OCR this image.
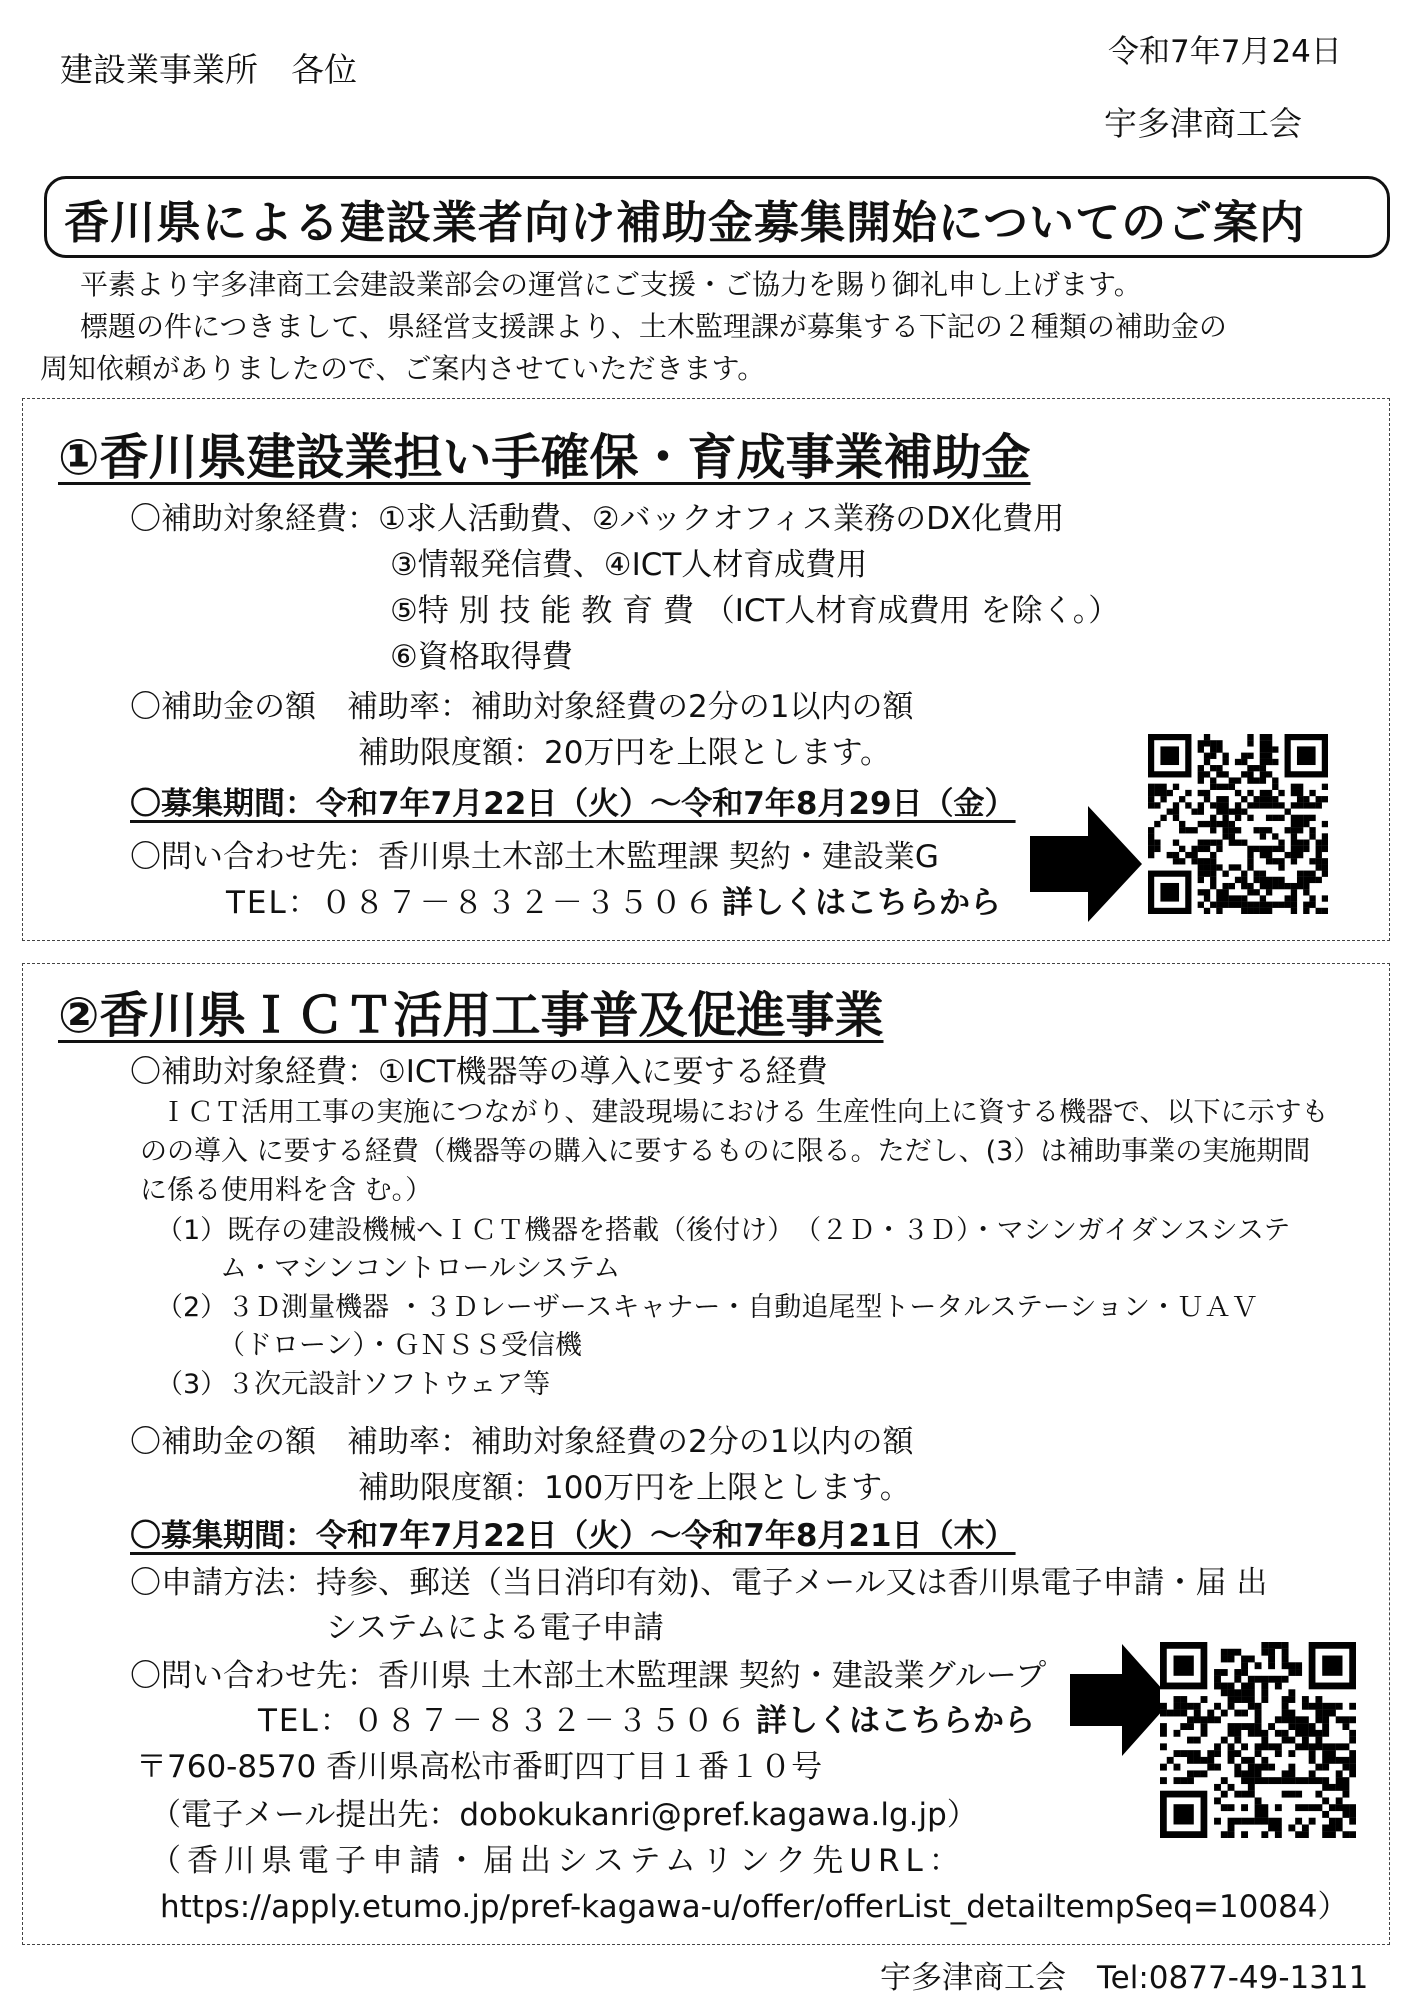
建設業事業所　各位	令和7年7月24日
宇多津商工会
香川県による建設業者向け補助金募集開始についてのご案内
平素より宇多津商工会建設業部会の運営にご支援・ご協力を賜り御礼申し上げます。
標題の件につきまして、県経営支援課より、土木監理課が募集する下記の２種類の補助金の
周知依頼がありましたので、ご案内させていただきます。
①香川県建設業担い手確保・育成事業補助金
〇補助対象経費：①求人活動費、②バックオフィス業務のDX化費用
③情報発信費、④ICT人材育成費用
⑤特 別 技 能 教 育 費 （ICT人材育成費用 を除く。）
⑥資格取得費
〇補助金の額　補助率：補助対象経費の2分の1以内の額
補助限度額：20万円を上限とします。
〇募集期間：令和7年7月22日（火）～令和7年8月29日（金）
〇問い合わせ先：香川県土木部土木監理課 契約・建設業G
TEL：０８７－８３２－３５０６ 詳しくはこちらから
②香川県ＩＣＴ活用工事普及促進事業
〇補助対象経費：①ICT機器等の導入に要する経費
ＩＣＴ活用工事の実施につながり、建設現場における 生産性向上に資する機器で、以下に示すも
のの導入 に要する経費（機器等の購入に要するものに限る。ただし、(3）は補助事業の実施期間
に係る使用料を含 む。）
（1）既存の建設機械へＩＣＴ機器を搭載（後付け）　（２Ｄ・３Ｄ）・マシンガイダンスシステ
ム・マシンコントロールシステム
（2）３Ｄ測量機器 ・３Ｄレーザースキャナー・自動追尾型トータルステーション・ＵＡＶ
（ドローン）・ＧＮＳＳ受信機
（3）３次元設計ソフトウェア等
〇補助金の額　補助率：補助対象経費の2分の1以内の額
補助限度額：100万円を上限とします。
〇募集期間：令和7年7月22日（火）～令和7年8月21日（木）
〇申請方法：持参、郵送（当日消印有効)、電子メール又は香川県電子申請・届 出
システムによる電子申請
〇問い合わせ先：香川県 土木部土木監理課 契約・建設業グループ
TEL：０８７－８３２－３５０６ 詳しくはこちらから
〒760-8570 香川県高松市番町四丁目１番１０号
（電子メール提出先：dobokukanri@pref.kagawa.lg.jp）
（香川県電子申請・届出システムリンク先URL：
https://apply.etumo.jp/pref-kagawa-u/offer/offerList_detailtempSeq=10084）
宇多津商工会　Tel:0877-49-1311
